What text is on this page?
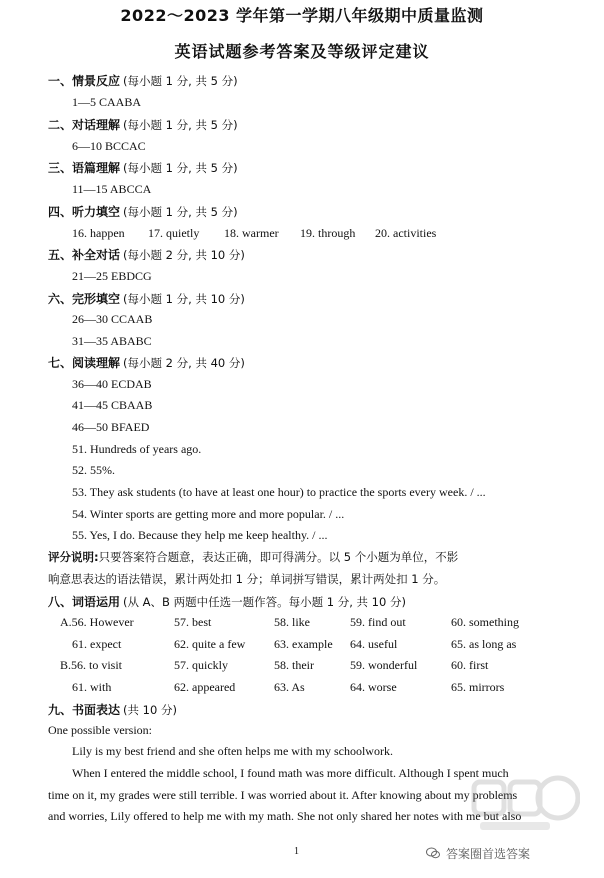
2022～2023 学年第一学期八年级期中质量监测
英语试题参考答案及等级评定建议
一、情景反应 (每小题 1 分, 共 5 分)
1—5 CAABA
二、对话理解 (每小题 1 分, 共 5 分)
6—10 BCCAC
三、语篇理解 (每小题 1 分, 共 5 分)
11—15 ABCCA
四、听力填空 (每小题 1 分, 共 5 分)
16. happen 17. quietly 18. warmer 19. through 20. activities
五、补全对话 (每小题 2 分, 共 10 分)
21—25 EBDCG
六、完形填空 (每小题 1 分, 共 10 分)
26—30 CCAAB
31—35 ABABC
七、阅读理解 (每小题 2 分, 共 40 分)
36—40 ECDAB
41—45 CBAAB
46—50 BFAED
51. Hundreds of years ago.
52. 55%.
53. They ask students (to have at least one hour) to practice the sports every week. / ...
54. Winter sports are getting more and more popular. / ...
55. Yes, I do. Because they help me keep healthy. / ...
评分说明:只要答案符合题意，表达正确，即可得满分。以 5 个小题为单位，不影
响意思表达的语法错误，累计两处扣 1 分；单词拼写错误，累计两处扣 1 分。
八、词语运用 (从 A、B 两题中任选一题作答。每小题 1 分, 共 10 分)
A.56. However	57. best	58. like	59. find out	60. something
61. expect	62. quite a few 63. example 64. useful	65. as long as
B.56. to visit	57. quickly	58. their	59. wonderful	60. first
61. with	62. appeared	63. As	64. worse	65. mirrors
九、书面表达 (共 10 分)
One possible version:
Lily is my best friend and she often helps me with my schoolwork.
When I entered the middle school, I found math was more difficult. Although I spent much
time on it, my grades were still terrible. I was worried about it. After knowing about my problems
and worries, Lily offered to help me with my math. She not only shared her notes with me but also
1	答案圈首选答案
